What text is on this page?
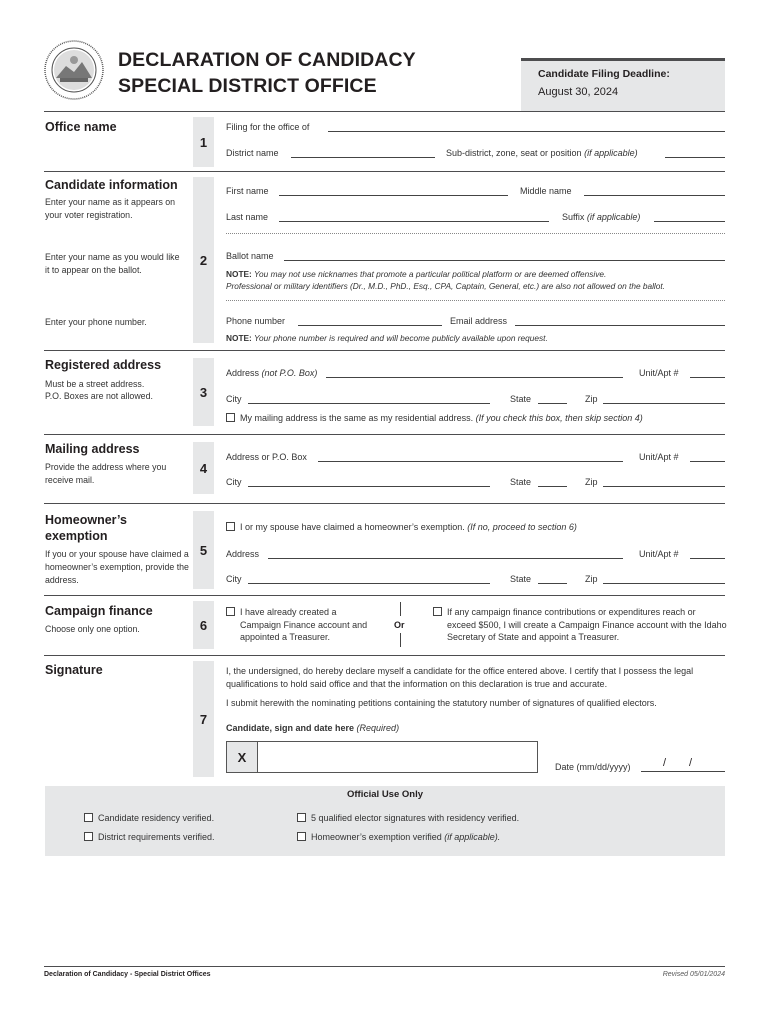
DECLARATION OF CANDIDACY
SPECIAL DISTRICT OFFICE
Candidate Filing Deadline:
August 30, 2024
Office name
1
Filing for the office of
District name	Sub-district, zone, seat or position (if applicable)
Candidate information
Enter your name as it appears on your voter registration.
Enter your name as you would like it to appear on the ballot.
Enter your phone number.
2
First name	Middle name
Last name	Suffix (if applicable)
Ballot name
NOTE: You may not use nicknames that promote a particular political platform or are deemed offensive.
Professional or military identifiers (Dr., M.D., PhD., Esq., CPA, Captain, General, etc.) are also not allowed on the ballot.
Phone number	Email address
NOTE: Your phone number is required and will become publicly available upon request.
Registered address
Must be a street address.
P.O. Boxes are not allowed.	3
Address (not P.O. Box)	Unit/Apt #
City	State	Zip
My mailing address is the same as my residential address. (If you check this box, then skip section 4)
Mailing address
Provide the address where you receive mail.
4
Address or P.O. Box	Unit/Apt #
City	State	Zip
Homeowner’s
exemption
If you or your spouse have claimed a homeowner’s exemption, provide the address.
5
I or my spouse have claimed a homeowner’s exemption. (If no, proceed to section 6)
Address	Unit/Apt #
City	State	Zip
Campaign finance
Choose only one option.	6
I have already created a Campaign Finance account and appointed a Treasurer.
Or
If any campaign finance contributions or expenditures reach or exceed $500, I will create a Campaign Finance account with the Idaho Secretary of State and appoint a Treasurer.
Signature
7
I, the undersigned, do hereby declare myself a candidate for the office entered above. I certify that I possess the legal qualifications to hold said office and that the information on this declaration is true and accurate.
I submit herewith the nominating petitions containing the statutory number of signatures of qualified electors.
Candidate, sign and date here (Required)
X
Date (mm/dd/yyyy)	/ /
Official Use Only
Candidate residency verified.
District requirements verified.
5 qualified elector signatures with residency verified.
Homeowner’s exemption verified (if applicable).
Declaration of Candidacy - Special District Offices	Revised 05/01/2024
